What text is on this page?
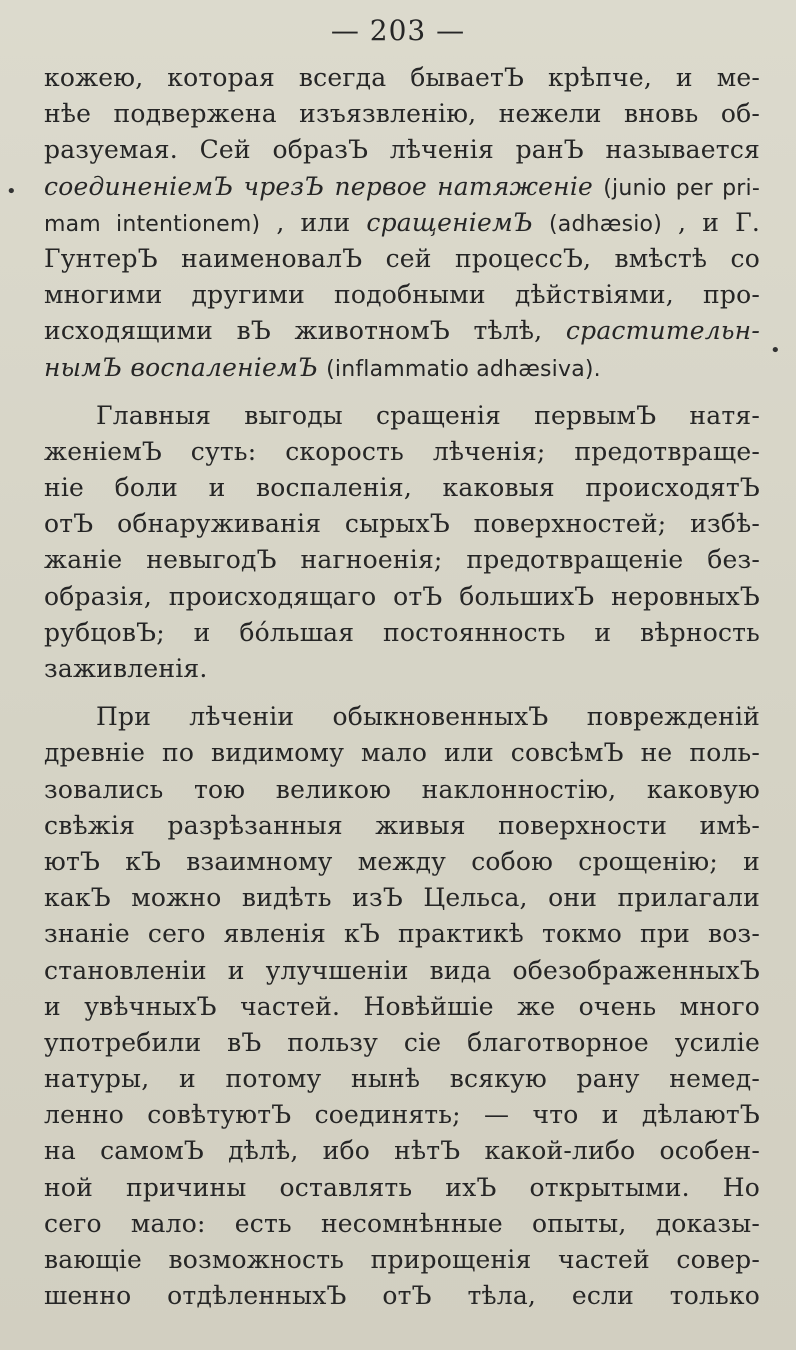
— 203 —
•
•
кожею, которая всегда бываетЪ крѣпче, и ме-
нѣе подвержена изъязвленію, нежели вновь об-
разуемая. Сей образЪ лѣченія ранЪ называется
соединеніемЪ чрезЪ первое натяженіе (junio per pri-
mam intentionem) , или сращеніемЪ (adhæsio) , и Г.
ГунтерЪ наименовалЪ сей процессЪ, вмѣстѣ со
многими другими подобными дѣйствіями, про-
исходящими вЪ животномЪ тѣлѣ, срастительн-
нымЪ воспаленіемЪ (inflammatio adhæsiva).
Главныя выгоды сращенія первымЪ натя-
женіемЪ суть: скорость лѣченія; предотвраще-
ніе боли и воспаленія, каковыя происходятЪ
отЪ обнаруживанія сырыхЪ поверхностей; избѣ-
жаніе невыгодЪ нагноенія; предотвращеніе без-
образія, происходящаго отЪ большихЪ неровныхЪ
рубцовЪ; и бо́льшая постоянность и вѣрность
заживленія.
При лѣченіи обыкновенныхЪ поврежденій
древніе по видимому мало или совсѣмЪ не поль-
зовались тою великою наклонностію, каковую
свѣжія разрѣзанныя живыя поверхности имѣ-
ютЪ кЪ взаимному между собою срощенію; и
какЪ можно видѣть изЪ Цельса, они прилагали
знаніе сего явленія кЪ практикѣ токмо при воз-
становленіи и улучшеніи вида обезображенныхЪ
и увѣчныхЪ частей. Новѣйшіе же очень много
употребили вЪ пользу сіе благотворное усиліе
натуры, и потому нынѣ всякую рану немед-
ленно совѣтуютЪ соединять; — что и дѣлаютЪ
на самомЪ дѣлѣ, ибо нѣтЪ какой-либо особен-
ной причины оставлять ихЪ открытыми. Но
сего мало: есть несомнѣнные опыты, доказы-
вающіе возможность прирощенія частей совер-
шенно отдѣленныхЪ отЪ тѣла, если только
